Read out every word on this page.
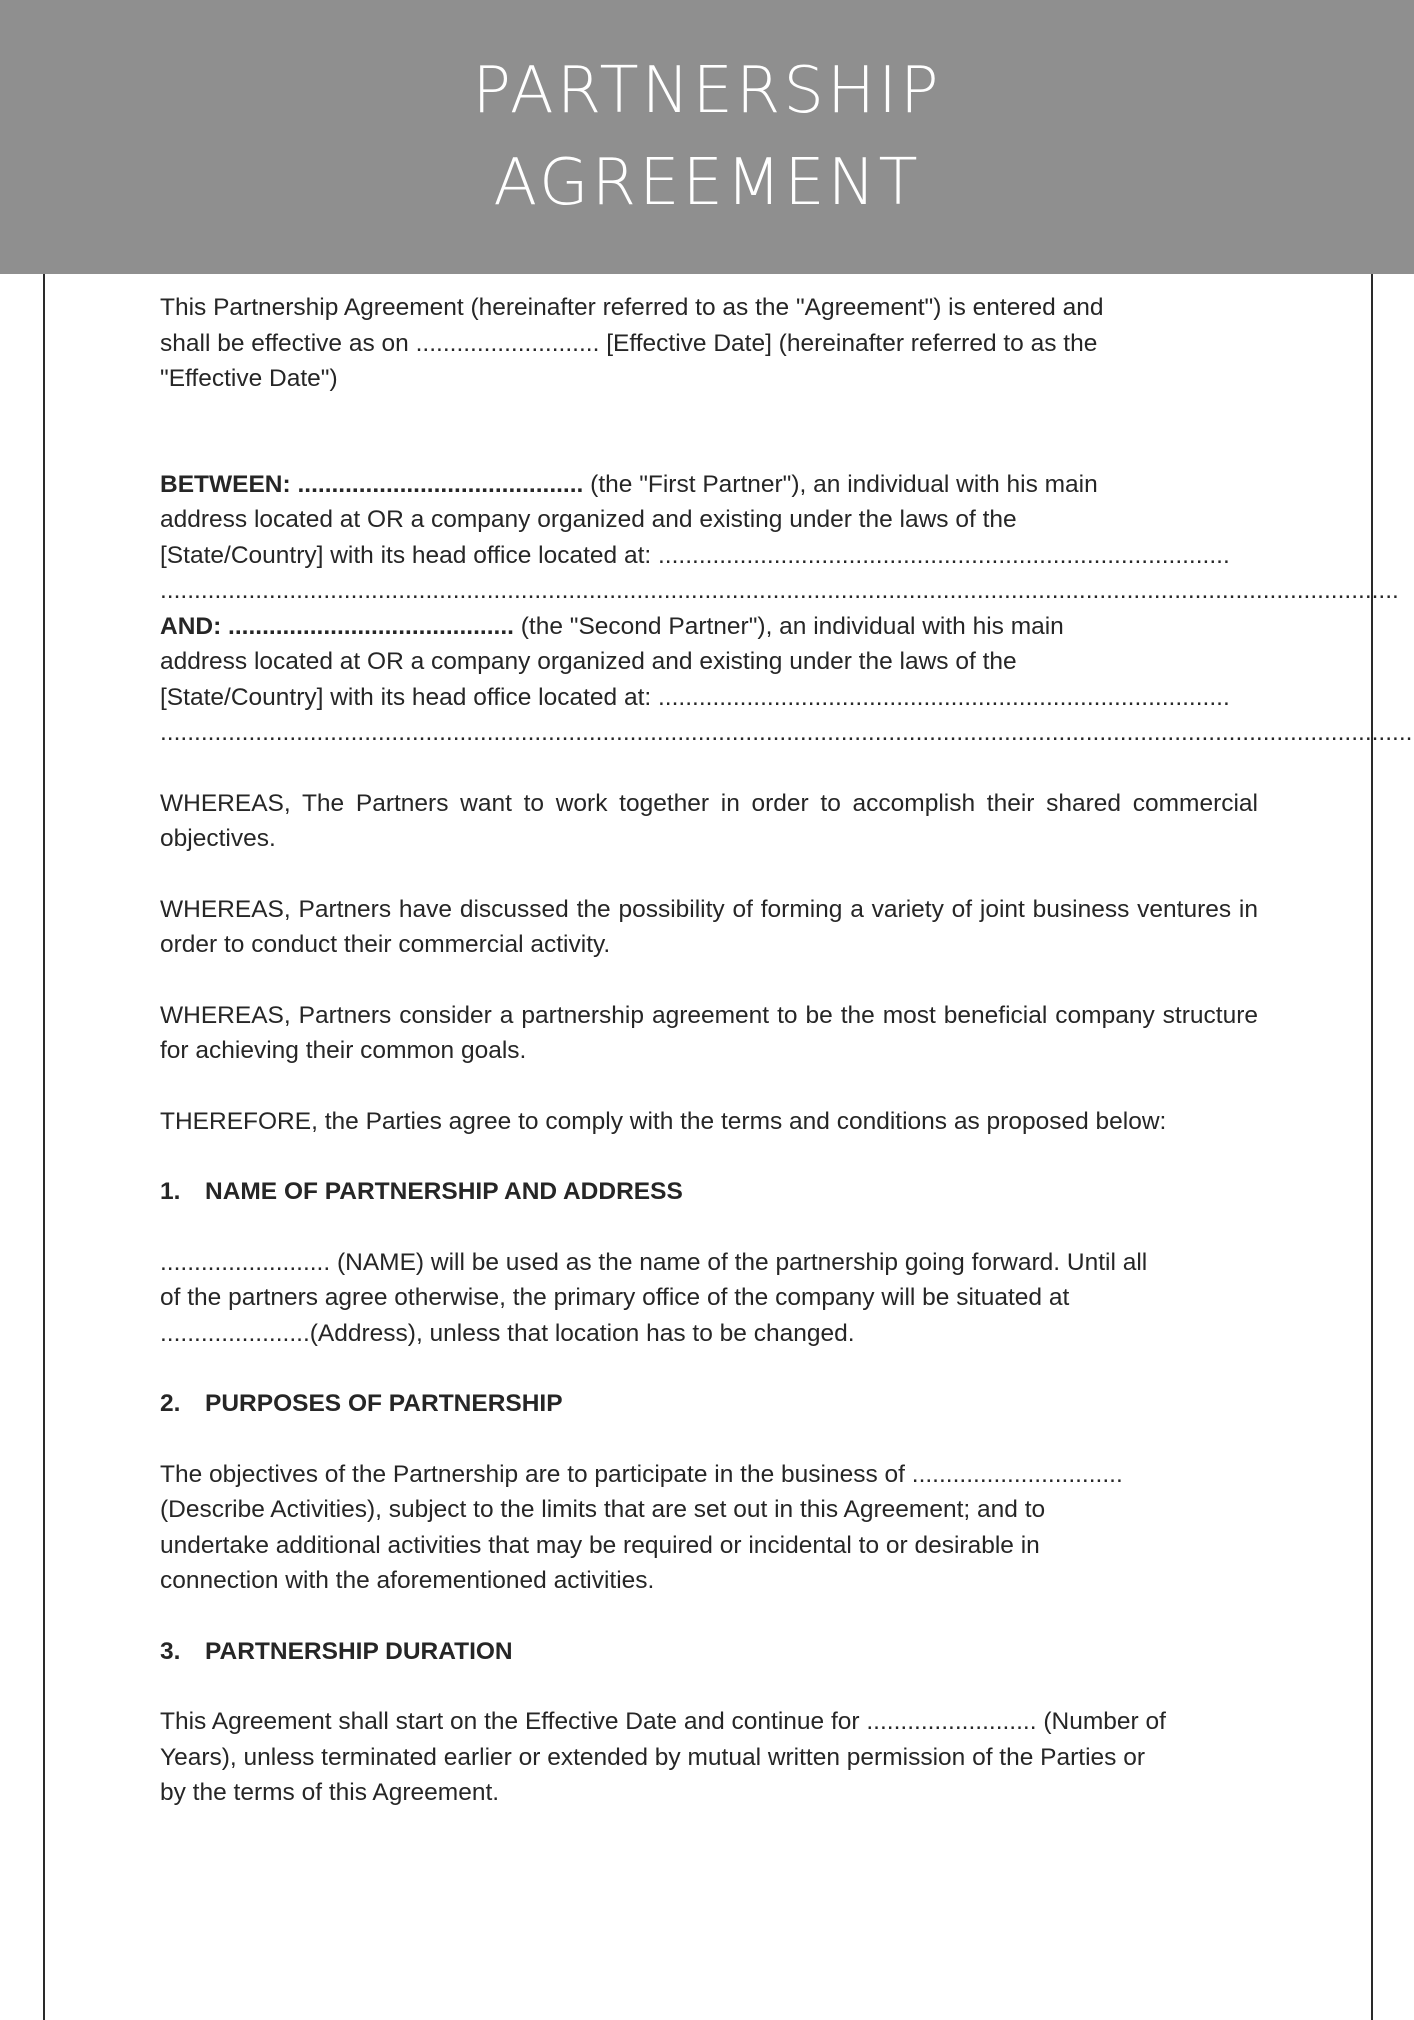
PARTNERSHIP
AGREEMENT
This Partnership Agreement (hereinafter referred to as the "Agreement") is entered and
shall be effective as on ........................... [Effective Date] (hereinafter referred to as the
"Effective Date")
BETWEEN: .......................................... (the "First Partner"), an individual with his main
address located at OR a company organized and existing under the laws of the
[State/Country] with its head office located at: ....................................................................................
......................................................................................................................................................................................
AND: .......................................... (the "Second Partner"), an individual with his main
address located at OR a company organized and existing under the laws of the
[State/Country] with its head office located at: ....................................................................................
........................................................................................................................................................................................

WHEREAS, The Partners want to work together in order to accomplish their shared commercial objectives.

WHEREAS, Partners have discussed the possibility of forming a variety of joint business ventures in order to conduct their commercial activity.

WHEREAS, Partners consider a partnership agreement to be the most beneficial company structure for achieving their common goals.

THEREFORE, the Parties agree to comply with the terms and conditions as proposed below:

1. NAME OF PARTNERSHIP AND ADDRESS

......................... (NAME) will be used as the name of the partnership going forward. Until all
of the partners agree otherwise, the primary office of the company will be situated at
......................(Address), unless that location has to be changed.

2. PURPOSES OF PARTNERSHIP

The objectives of the Partnership are to participate in the business of ...............................
(Describe Activities), subject to the limits that are set out in this Agreement; and to
undertake additional activities that may be required or incidental to or desirable in
connection with the aforementioned activities.

3. PARTNERSHIP DURATION

This Agreement shall start on the Effective Date and continue for ......................... (Number of
Years), unless terminated earlier or extended by mutual written permission of the Parties or
by the terms of this Agreement.
